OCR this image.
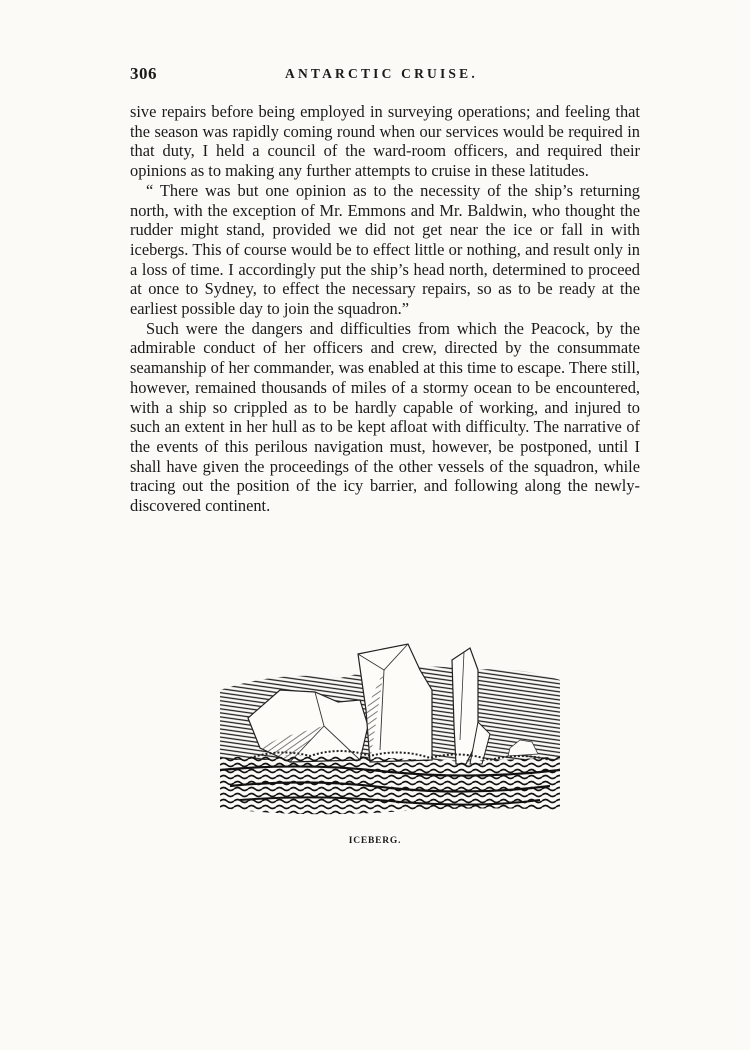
306	ANTARCTIC CRUISE.

sive repairs before being employed in surveying operations; and feeling that the season was rapidly coming round when our services would be required in that duty, I held a council of the ward-room officers, and required their opinions as to making any further attempts to cruise in these latitudes.

“ There was but one opinion as to the necessity of the ship’s returning north, with the exception of Mr. Emmons and Mr. Baldwin, who thought the rudder might stand, provided we did not get near the ice or fall in with icebergs. This of course would be to effect little or nothing, and result only in a loss of time. I accordingly put the ship’s head north, determined to proceed at once to Sydney, to effect the necessary repairs, so as to be ready at the earliest possible day to join the squadron.”

Such were the dangers and difficulties from which the Peacock, by the admirable conduct of her officers and crew, directed by the consummate seamanship of her commander, was enabled at this time to escape. There still, however, remained thousands of miles of a stormy ocean to be encountered, with a ship so crippled as to be hardly capable of working, and injured to such an extent in her hull as to be kept afloat with difficulty. The narrative of the events of this perilous navigation must, however, be postponed, until I shall have given the proceedings of the other vessels of the squadron, while tracing out the position of the icy barrier, and following along the newly-discovered continent.

ICEBERG.
